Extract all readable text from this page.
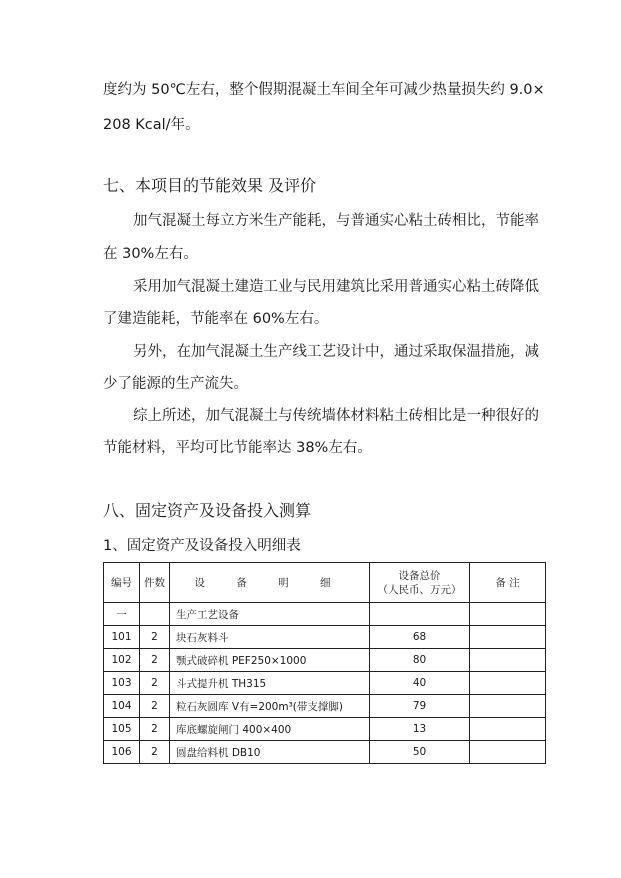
度约为 50℃左右，整个假期混凝土车间全年可减少热量损失约 9.0×
208 Kcal/年。
七、本项目的节能效果 及评价
加气混凝土每立方米生产能耗，与普通实心粘土砖相比，节能率
在 30%左右。
采用加气混凝土建造工业与民用建筑比采用普通实心粘土砖降低
了建造能耗，节能率在 60%左右。
另外，在加气混凝土生产线工艺设计中，通过采取保温措施，减
少了能源的生产流失。
综上所述，加气混凝土与传统墙体材料粘土砖相比是一种很好的
节能材料，平均可比节能率达 38%左右。
八、固定资产及设备投入测算
1、固定资产及设备投入明细表
编号	件数	设 备 明 细	设备总价
（人民币、万元）	备 注
一		生产工艺设备		
101	2	块石灰料斗	68	
102	2	颚式破碎机 PEF250×1000	80	
103	2	斗式提升机 TH315	40	
104	2	粒石灰圆库 V有=200m³(带支撑脚)	79	
105	2	库底螺旋闸门 400×400	13	
106	2	圆盘给料机 DB10	50	
